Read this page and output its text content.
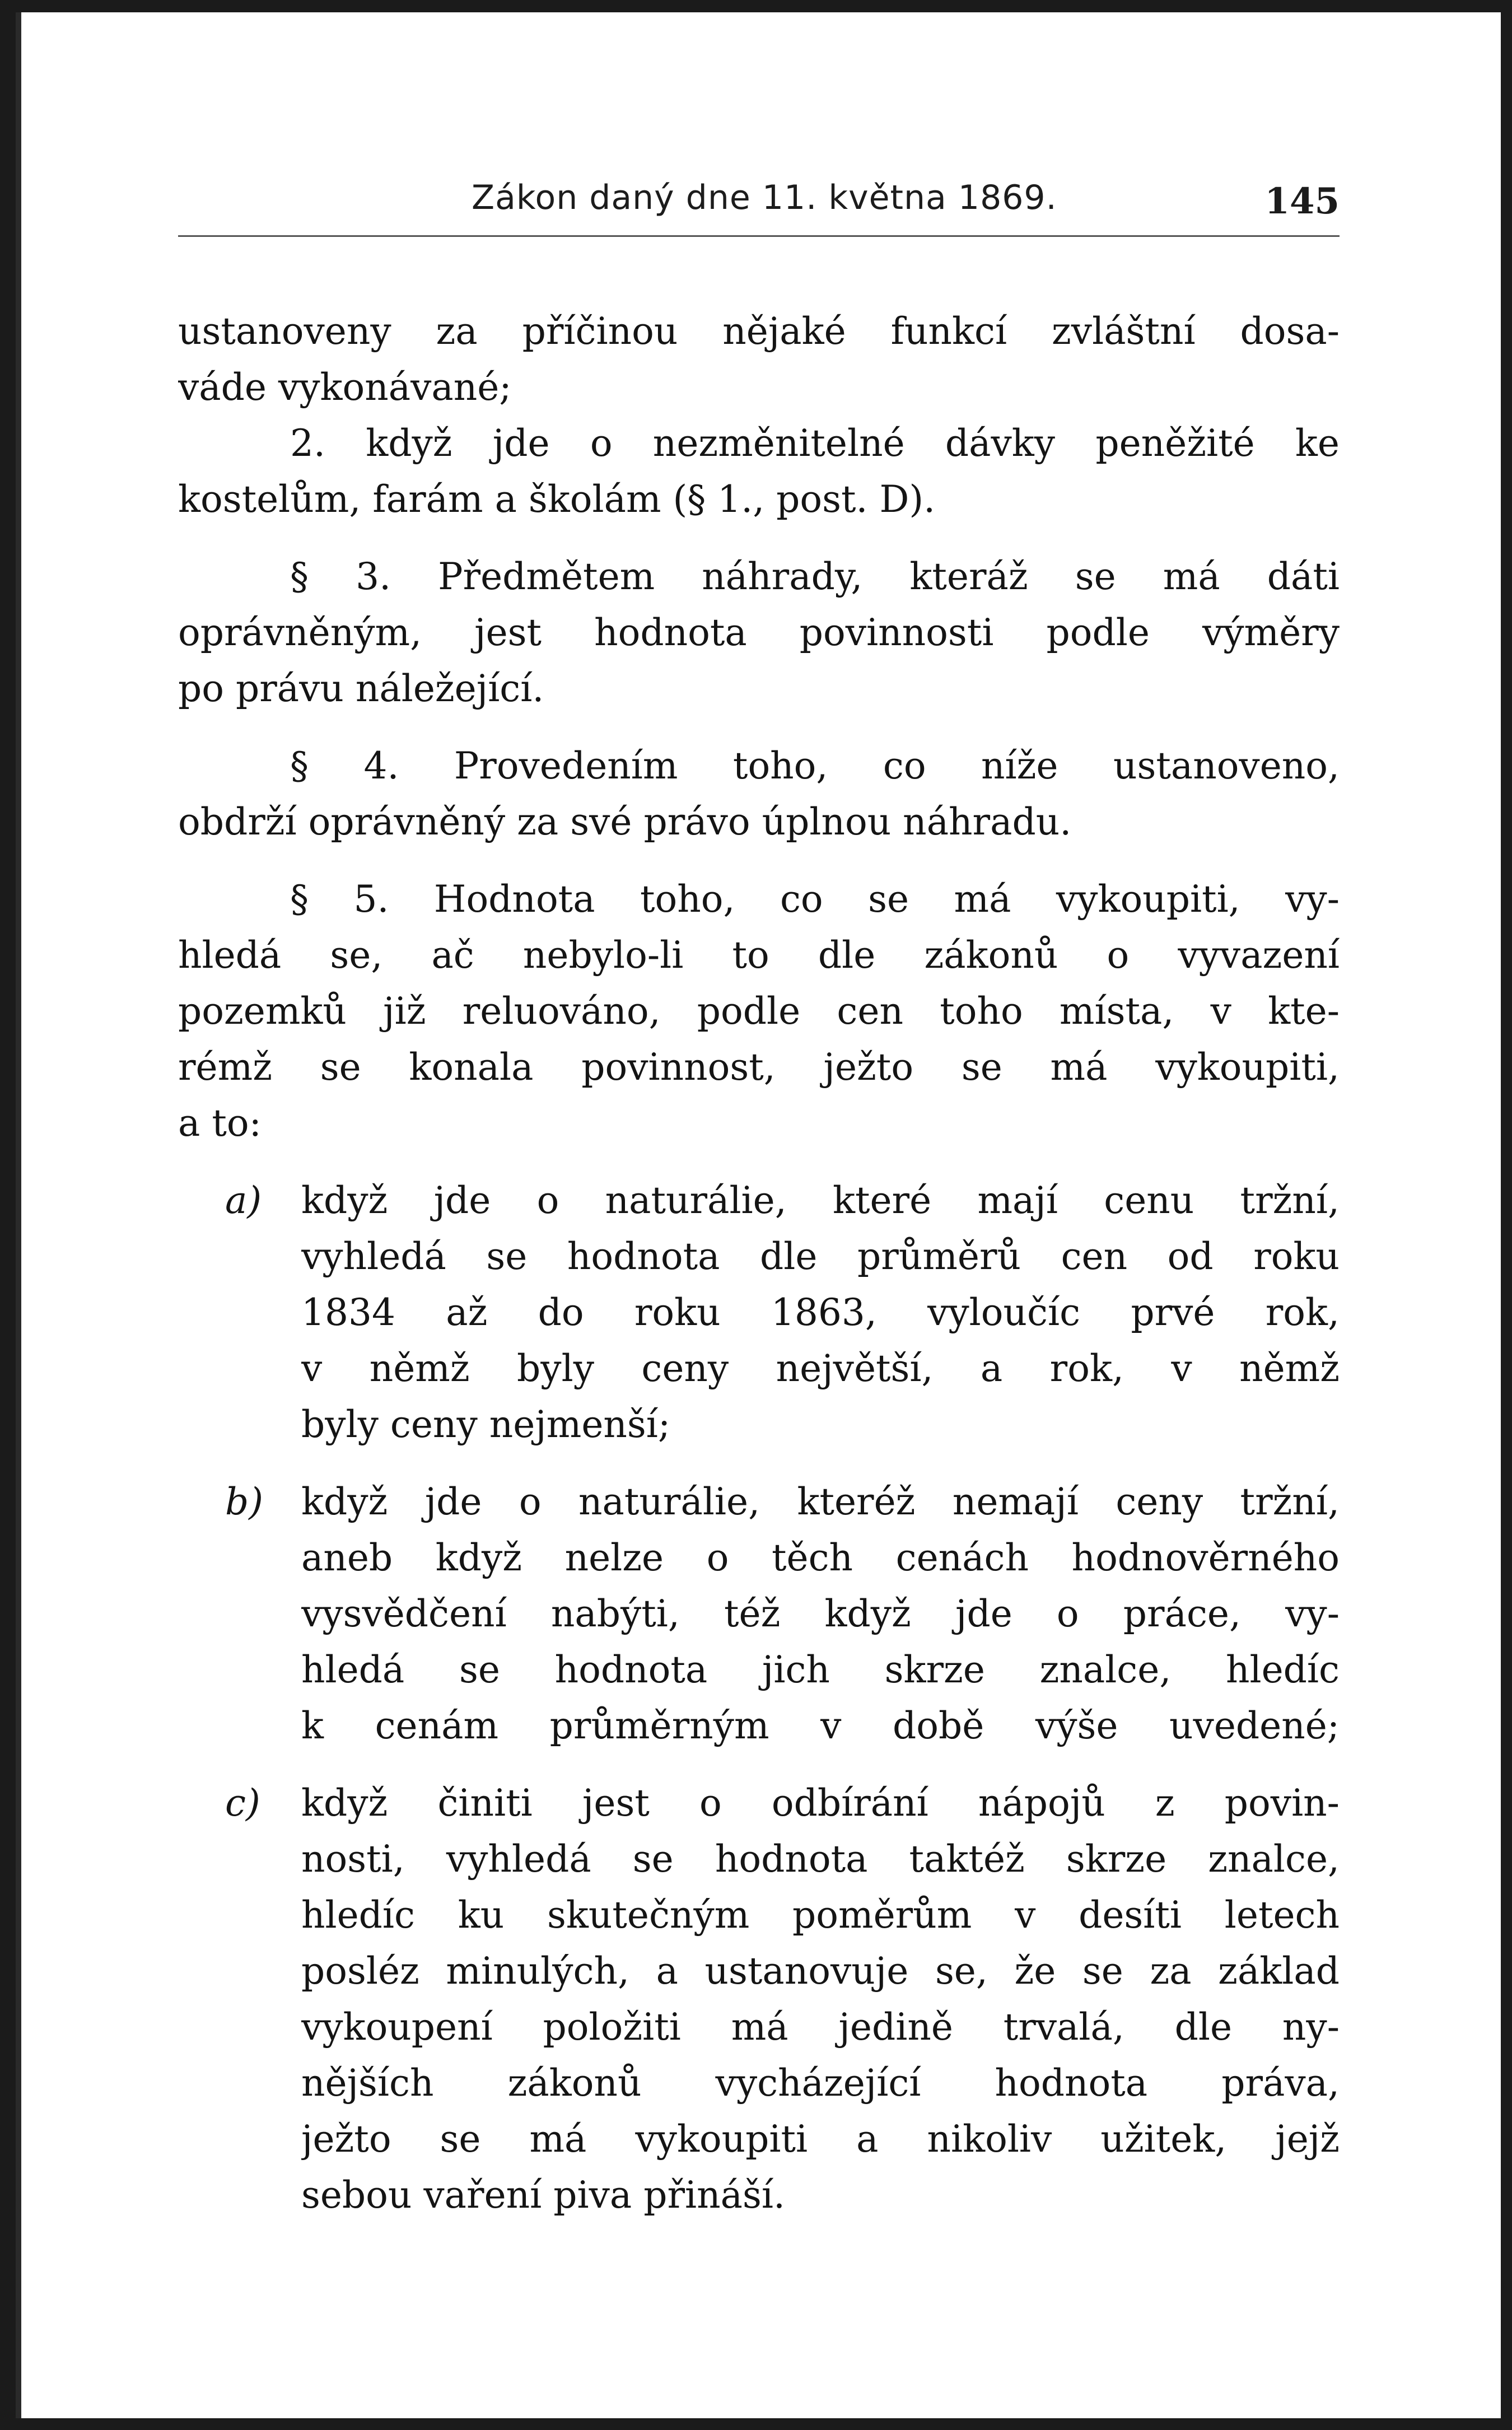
Zákon daný dne 11. května 1869.	145
ustanoveny za příčinou nějaké funkcí zvláštní dosa-
váde vykonávané;
2. když jde o nezměnitelné dávky peněžité ke
kostelům, farám a školám (§ 1., post. D).
§ 3. Předmětem náhrady, kteráž se má dáti
oprávněným, jest hodnota povinnosti podle výměry
po právu náležející.
§ 4. Provedením toho, co níže ustanoveno,
obdrží oprávněný za své právo úplnou náhradu.
§ 5. Hodnota toho, co se má vykoupiti, vy-
hledá se, ač nebylo-li to dle zákonů o vyvazení
pozemků již reluováno, podle cen toho místa, v kte-
rémž se konala povinnost, ježto se má vykoupiti,
a to:
a) když jde o naturálie, které mají cenu tržní,
vyhledá se hodnota dle průměrů cen od roku
1834 až do roku 1863, vyloučíc prvé rok,
v němž byly ceny největší, a rok, v němž
byly ceny nejmenší;
b) když jde o naturálie, kteréž nemají ceny tržní,
aneb když nelze o těch cenách hodnověrného
vysvědčení nabýti, též když jde o práce, vy-
hledá se hodnota jich skrze znalce, hledíc
k cenám průměrným v době výše uvedené;
c) když činiti jest o odbírání nápojů z povin-
nosti, vyhledá se hodnota taktéž skrze znalce,
hledíc ku skutečným poměrům v desíti letech
posléz minulých, a ustanovuje se, že se za základ
vykoupení položiti má jedině trvalá, dle ny-
nějších zákonů vycházející hodnota práva,
ježto se má vykoupiti a nikoliv užitek, jejž
sebou vaření piva přináší.
